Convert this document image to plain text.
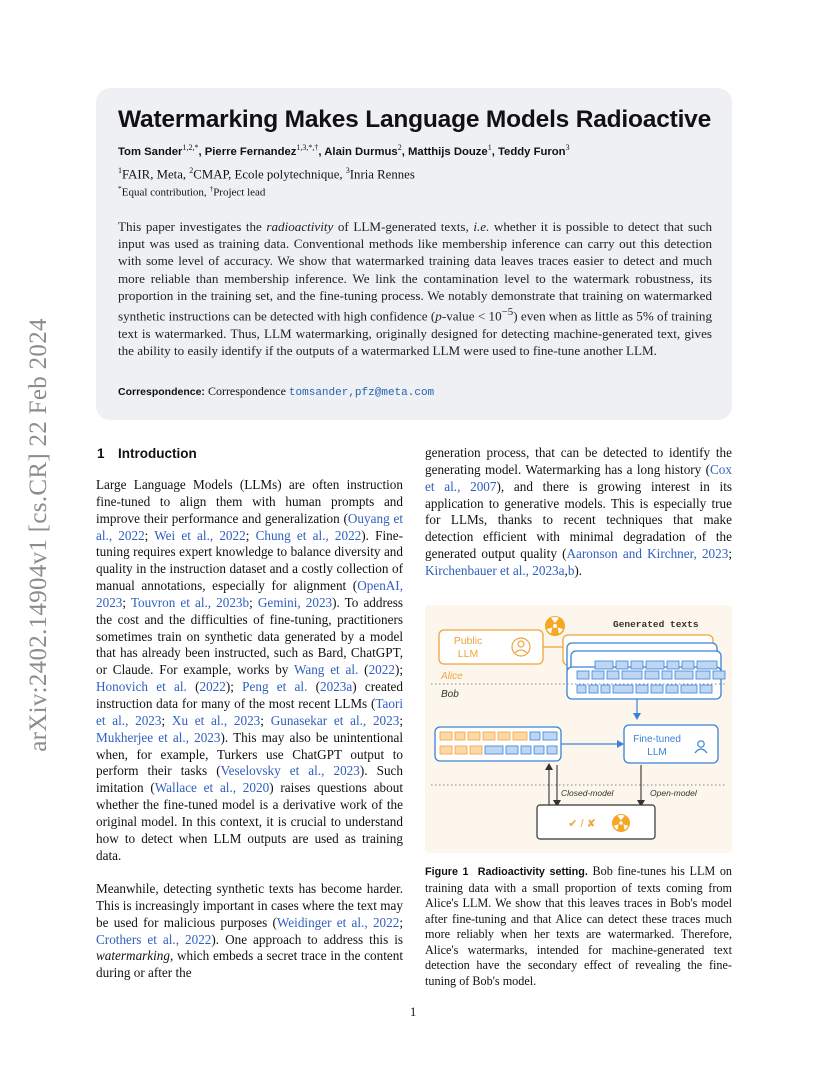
arXiv:2402.14904v1 [cs.CR] 22 Feb 2024
Watermarking Makes Language Models Radioactive
Tom Sander$^{1,2,*}$, Pierre Fernandez$^{1,3,*,\dagger}$, Alain Durmus$^2$, Matthijs Douze$^1$, Teddy Furon$^3$
$^1$FAIR, Meta, $^2$CMAP, Ecole polytechnique, $^3$Inria Rennes
*Equal contribution, †Project lead
This paper investigates the radioactivity of LLM-generated texts, i.e. whether it is possible to detect that such input was used as training data. Conventional methods like membership inference can carry out this detection with some level of accuracy. We show that watermarked training data leaves traces easier to detect and much more reliable than membership inference. We link the contamination level to the watermark robustness, its proportion in the training set, and the fine-tuning process. We notably demonstrate that training on watermarked synthetic instructions can be detected with high confidence (p-value < $10^{-5}$) even when as little as 5% of training text is watermarked. Thus, LLM watermarking, originally designed for detecting machine-generated text, gives the ability to easily identify if the outputs of a watermarked LLM were used to fine-tune another LLM.
Correspondence: Correspondence tomsander,pfz@meta.com
1 Introduction

Large Language Models (LLMs) are often instruction fine-tuned to align them with human prompts and improve their performance and generalization (Ouyang et al., 2022; Wei et al., 2022; Chung et al., 2022). Fine-tuning requires expert knowledge to balance diversity and quality in the instruction dataset and a costly collection of manual annotations, especially for alignment (OpenAI, 2023; Touvron et al., 2023b; Gemini, 2023). To address the cost and the difficulties of fine-tuning, practitioners sometimes train on synthetic data generated by a model that has already been instructed, such as Bard, ChatGPT, or Claude. For example, works by Wang et al. (2022); Honovich et al. (2022); Peng et al. (2023a) created instruction data for many of the most recent LLMs (Taori et al., 2023; Xu et al., 2023; Gunasekar et al., 2023; Mukherjee et al., 2023). This may also be unintentional when, for example, Turkers use ChatGPT output to perform their tasks (Veselovsky et al., 2023). Such imitation (Wallace et al., 2020) raises questions about whether the fine-tuned model is a derivative work of the original model. In this context, it is crucial to understand how to detect when LLM outputs are used as training data.

Meanwhile, detecting synthetic texts has become harder. This is increasingly important in cases where the text may be used for malicious purposes (Weidinger et al., 2022; Crothers et al., 2022). One approach to address this is watermarking, which embeds a secret trace in the content during or after the

generation process, that can be detected to identify the generating model. Watermarking has a long history (Cox et al., 2007), and there is growing interest in its application to generative models. This is especially true for LLMs, thanks to recent techniques that make detection efficient with minimal degradation of the generated output quality (Aaronson and Kirchner, 2023; Kirchenbauer et al., 2023a,b).

Generated texts
Public
LLM
Alice
Bob
Fine-tuned
LLM
Closed-model	Open-model
✔ / ✘
Figure 1 Radioactivity setting. Bob fine-tunes his LLM on training data with a small proportion of texts coming from Alice's LLM. We show that this leaves traces in Bob's model after fine-tuning and that Alice can detect these traces much more reliably when her texts are watermarked. Therefore, Alice's watermarks, intended for machine-generated text detection have the secondary effect of revealing the fine-tuning of Bob's model.
1
